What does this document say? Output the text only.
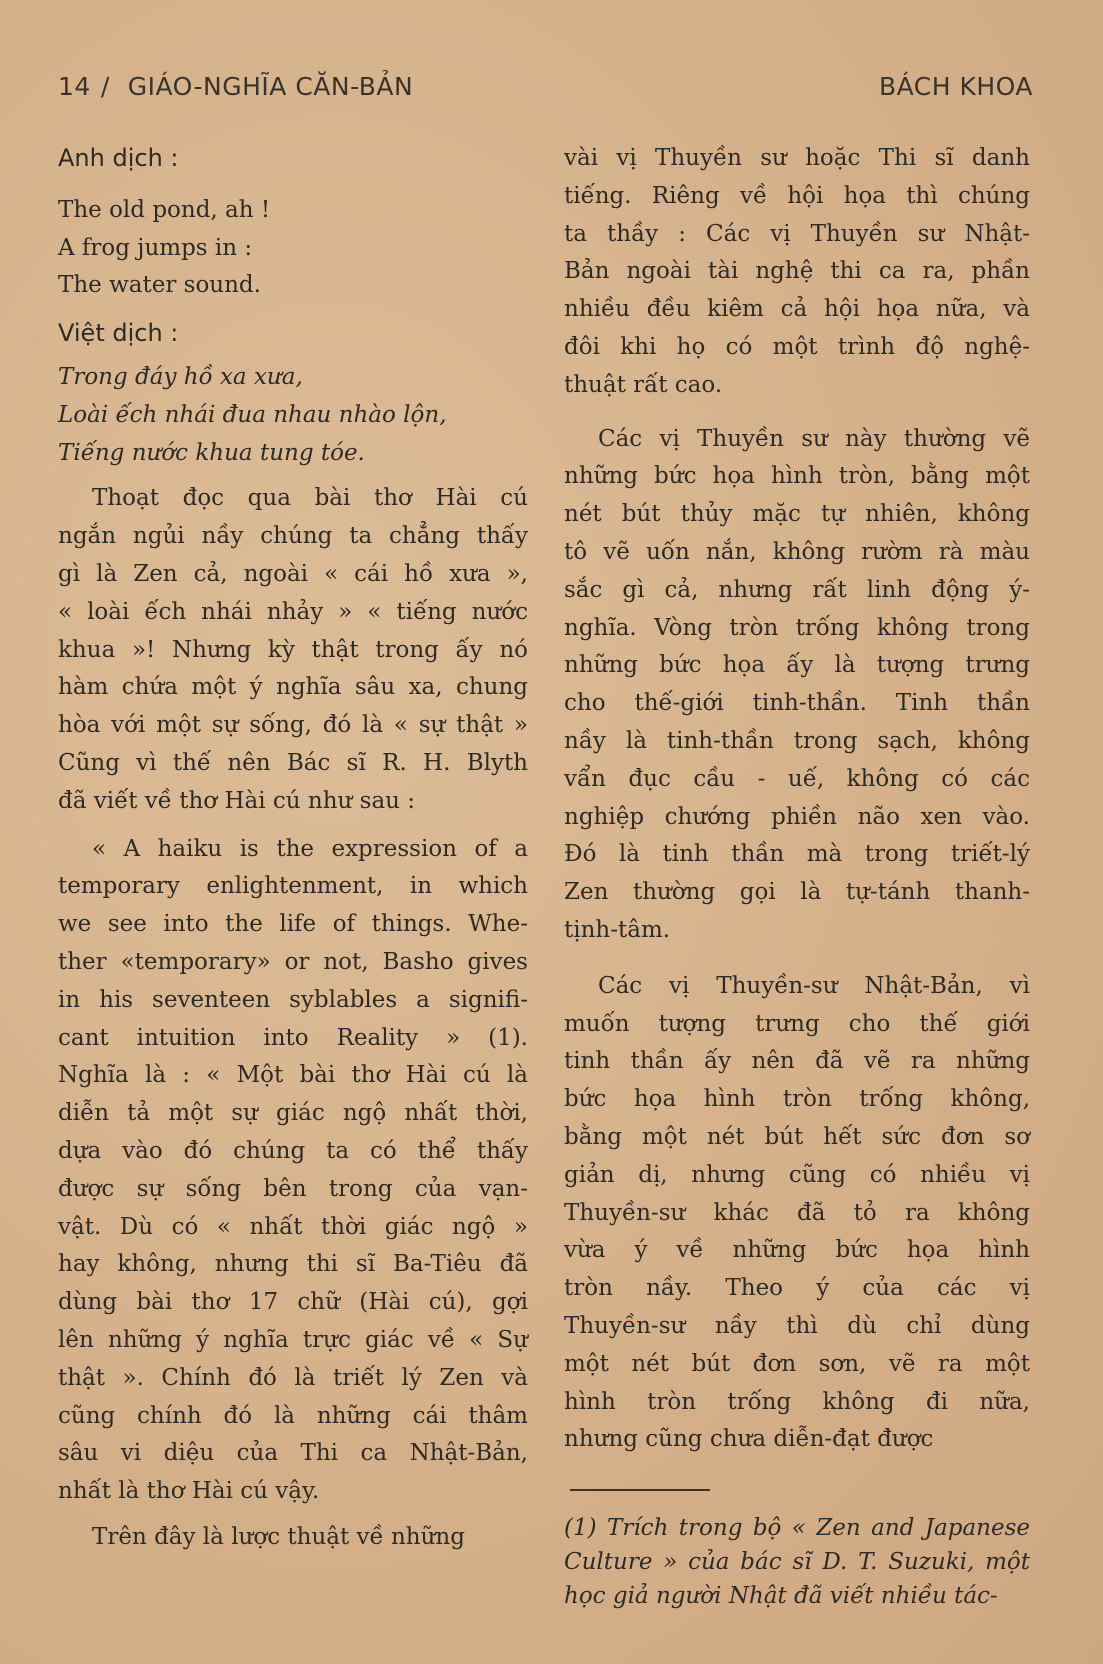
14 / GIÁO-NGHĨA CĂN-BẢN	BÁCH KHOA
Anh dịch :
The old pond, ah !
A frog jumps in :
The water sound.
Việt dịch :
Trong đáy hồ xa xưa,
Loài ếch nhái đua nhau nhào lộn,
Tiếng nước khua tung tóe.
Thoạt đọc qua bài thơ Hài cú
ngắn ngủi nầy chúng ta chẳng thấy
gì là Zen cả, ngoài « cái hồ xưa »,
« loài ếch nhái nhảy » « tiếng nước
khua »! Nhưng kỳ thật trong ấy nó
hàm chứa một ý nghĩa sâu xa, chung
hòa với một sự sống, đó là « sự thật »
Cũng vì thế nên Bác sĩ R. H. Blyth
đã viết về thơ Hài cú như sau :
« A haiku is the expression of a
temporary enlightenment, in which
we see into the life of things. Whe-
ther «temporary» or not, Basho gives
in his seventeen syblables a signifi-
cant intuition into Reality » (1).
Nghĩa là : « Một bài thơ Hài cú là
diễn tả một sự giác ngộ nhất thời,
dựa vào đó chúng ta có thể thấy
được sự sống bên trong của vạn-
vật. Dù có « nhất thời giác ngộ »
hay không, nhưng thi sĩ Ba-Tiêu đã
dùng bài thơ 17 chữ (Hài cú), gợi
lên những ý nghĩa trực giác về « Sự
thật ». Chính đó là triết lý Zen và
cũng chính đó là những cái thâm
sâu vi diệu của Thi ca Nhật-Bản,
nhất là thơ Hài cú vậy.
Trên đây là lược thuật về những
vài vị Thuyền sư hoặc Thi sĩ danh
tiếng. Riêng về hội họa thì chúng
ta thầy : Các vị Thuyền sư Nhật-
Bản ngoài tài nghệ thi ca ra, phần
nhiều đều kiêm cả hội họa nữa, và
đôi khi họ có một trình độ nghệ-
thuật rất cao.
Các vị Thuyền sư này thường vẽ
những bức họa hình tròn, bằng một
nét bút thủy mặc tự nhiên, không
tô vẽ uốn nắn, không rườm rà màu
sắc gì cả, nhưng rất linh động ý-
nghĩa. Vòng tròn trống không trong
những bức họa ấy là tượng trưng
cho thế-giới tinh-thần. Tinh thần
nầy là tinh-thần trong sạch, không
vẩn đục cầu - uế, không có các
nghiệp chướng phiền não xen vào.
Đó là tinh thần mà trong triết-lý
Zen thường gọi là tự-tánh thanh-
tịnh-tâm.
Các vị Thuyền-sư Nhật-Bản, vì
muốn tượng trưng cho thế giới
tinh thần ấy nên đã vẽ ra những
bức họa hình tròn trống không,
bằng một nét bút hết sức đơn sơ
giản dị, nhưng cũng có nhiều vị
Thuyền-sư khác đã tỏ ra không
vừa ý về những bức họa hình
tròn nầy. Theo ý của các vị
Thuyền-sư nầy thì dù chỉ dùng
một nét bút đơn sơn, vẽ ra một
hình tròn trống không đi nữa,
nhưng cũng chưa diễn-đạt được
(1) Trích trong bộ « Zen and Japanese
Culture » của bác sĩ D. T. Suzuki, một
học giả người Nhật đã viết nhiều tác-
